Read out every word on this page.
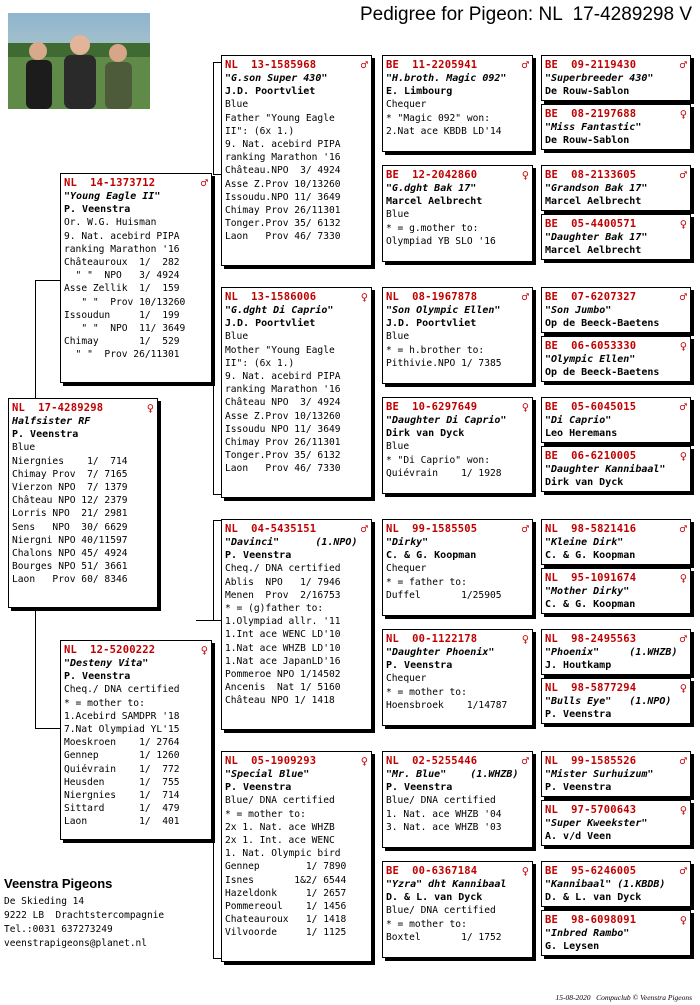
Pedigree for Pigeon: NL  17-4289298 V
NL  17-4289298	♀
Halfsister RF
P. Veenstra
Blue
Niergnies    1/  714
Chimay Prov  7/ 7165
Vierzon NPO  7/ 1379
Château NPO 12/ 2379
Lorris NPO  21/ 2981
Sens   NPO  30/ 6629
Niergni NPO 40/11597
Chalons NPO 45/ 4924
Bourges NPO 51/ 3661
Laon   Prov 60/ 8346
NL  14-1373712	♂
"Young Eagle II"
P. Veenstra
Or. W.G. Huisman
9. Nat. acebird PIPA
ranking Marathon '16
Châteauroux  1/  282
" "  NPO   3/ 4924
Asse Zellik  1/  159
" "  Prov 10/13260
Issoudun     1/  199
" "  NPO  11/ 3649
Chimay       1/  529
" "  Prov 26/11301
NL  12-5200222	♀
"Desteny Vita"
P. Veenstra
Cheq./ DNA certified
* = mother to:
1.Acebird SAMDPR '18
7.Nat Olympiad YL'15
Moeskroen    1/ 2764
Gennep       1/ 1260
Quiévrain    1/  772
Heusden      1/  755
Niergnies    1/  714
Sittard      1/  479
Laon         1/  401
NL  13-1585968	♂
"G.son Super 430"
J.D. Poortvliet
Blue
Father "Young Eagle
II": (6x 1.)
9. Nat. acebird PIPA
ranking Marathon '16
Château.NPO  3/ 4924
Asse Z.Prov 10/13260
Issoudu.NPO 11/ 3649
Chimay Prov 26/11301
Tonger.Prov 35/ 6132
Laon   Prov 46/ 7330
NL  13-1586006	♀
"G.dght Di Caprio"
J.D. Poortvliet
Blue
Mother "Young Eagle
II": (6x 1.)
9. Nat. acebird PIPA
ranking Marathon '16
Château NPO  3/ 4924
Asse Z.Prov 10/13260
Issoudu NPO 11/ 3649
Chimay Prov 26/11301
Tonger.Prov 35/ 6132
Laon   Prov 46/ 7330
NL  04-5435151	♂
"Davinci"      (1.NPO)
P. Veenstra
Cheq./ DNA certified
Ablis  NPO   1/ 7946
Menen  Prov  2/16753
* = (g)father to:
1.Olympiad allr. '11
1.Int ace WENC LD'10
1.Nat ace WHZB LD'10
1.Nat ace JapanLD'16
Pommeroe NPO 1/14502
Ancenis  Nat 1/ 5160
Château NPO 1/ 1418
NL  05-1909293	♀
"Special Blue"
P. Veenstra
Blue/ DNA certified
* = mother to:
2x 1. Nat. ace WHZB
2x 1. Int. ace WENC
1. Nat. Olympic bird
Gennep        1/ 7890
Isnes       1&2/ 6544
Hazeldonk     1/ 2657
Pommereoul    1/ 1456
Chateauroux   1/ 1418
Vilvoorde     1/ 1125
BE  11-2205941	♂
"H.broth. Magic 092"
E. Limbourg
Chequer
* "Magic 092" won:
2.Nat ace KBDB LD'14
BE  12-2042860	♀
"G.dght Bak 17"
Marcel Aelbrecht
Blue
* = g.mother to:
Olympiad YB SLO '16
NL  08-1967878	♂
"Son Olympic Ellen"
J.D. Poortvliet
Blue
* = h.brother to:
Pithivie.NPO 1/ 7385
BE  10-6297649	♀
"Daughter Di Caprio"
Dirk van Dyck
Blue
* "Di Caprio" won:
Quiévrain    1/ 1928
NL  99-1585505	♂
"Dirky"
C. & G. Koopman
Chequer
* = father to:
Duffel       1/25905
NL  00-1122178	♀
"Daughter Phoenix"
P. Veenstra
Chequer
* = mother to:
Hoensbroek    1/14787
NL  02-5255446	♂
"Mr. Blue"    (1.WHZB)
P. Veenstra
Blue/ DNA certified
1. Nat. ace WHZB '04
3. Nat. ace WHZB '03
BE  00-6367184	♀
"Yzra" dht Kannibaal
D. & L. van Dyck
Blue/ DNA certified
* = mother to:
Boxtel       1/ 1752
BE  09-2119430	♂
"Superbreeder 430"
De Rouw-Sablon
BE  08-2197688	♀
"Miss Fantastic"
De Rouw-Sablon
BE  08-2133605	♂
"Grandson Bak 17"
Marcel Aelbrecht
BE  05-4400571	♀
"Daughter Bak 17"
Marcel Aelbrecht
BE  07-6207327	♂
"Son Jumbo"
Op de Beeck-Baetens
BE  06-6053330	♀
"Olympic Ellen"
Op de Beeck-Baetens
BE  05-6045015	♂
"Di Caprio"
Leo Heremans
BE  06-6210005	♀
"Daughter Kannibaal"
Dirk van Dyck
NL  98-5821416	♂
"Kleine Dirk"
C. & G. Koopman
NL  95-1091674	♀
"Mother Dirky"
C. & G. Koopman
NL  98-2495563	♂
"Phoenix"     (1.WHZB)
J. Houtkamp
NL  98-5877294	♀
"Bulls Eye"   (1.NPO)
P. Veenstra
NL  99-1585526	♂
"Mister Surhuizum"
P. Veenstra
NL  97-5700643	♀
"Super Kweekster"
A. v/d Veen
BE  95-6246005	♂
"Kannibaal" (1.KBDB)
D. & L. van Dyck
BE  98-6098091	♀
"Inbred Rambo"
G. Leysen
Veenstra Pigeons
De Skieding 14
9222 LB  Drachtstercompagnie
Tel.:0031 637273249
veenstrapigeons@planet.nl
15-08-2020   Compuclub © Veenstra Pigeons
